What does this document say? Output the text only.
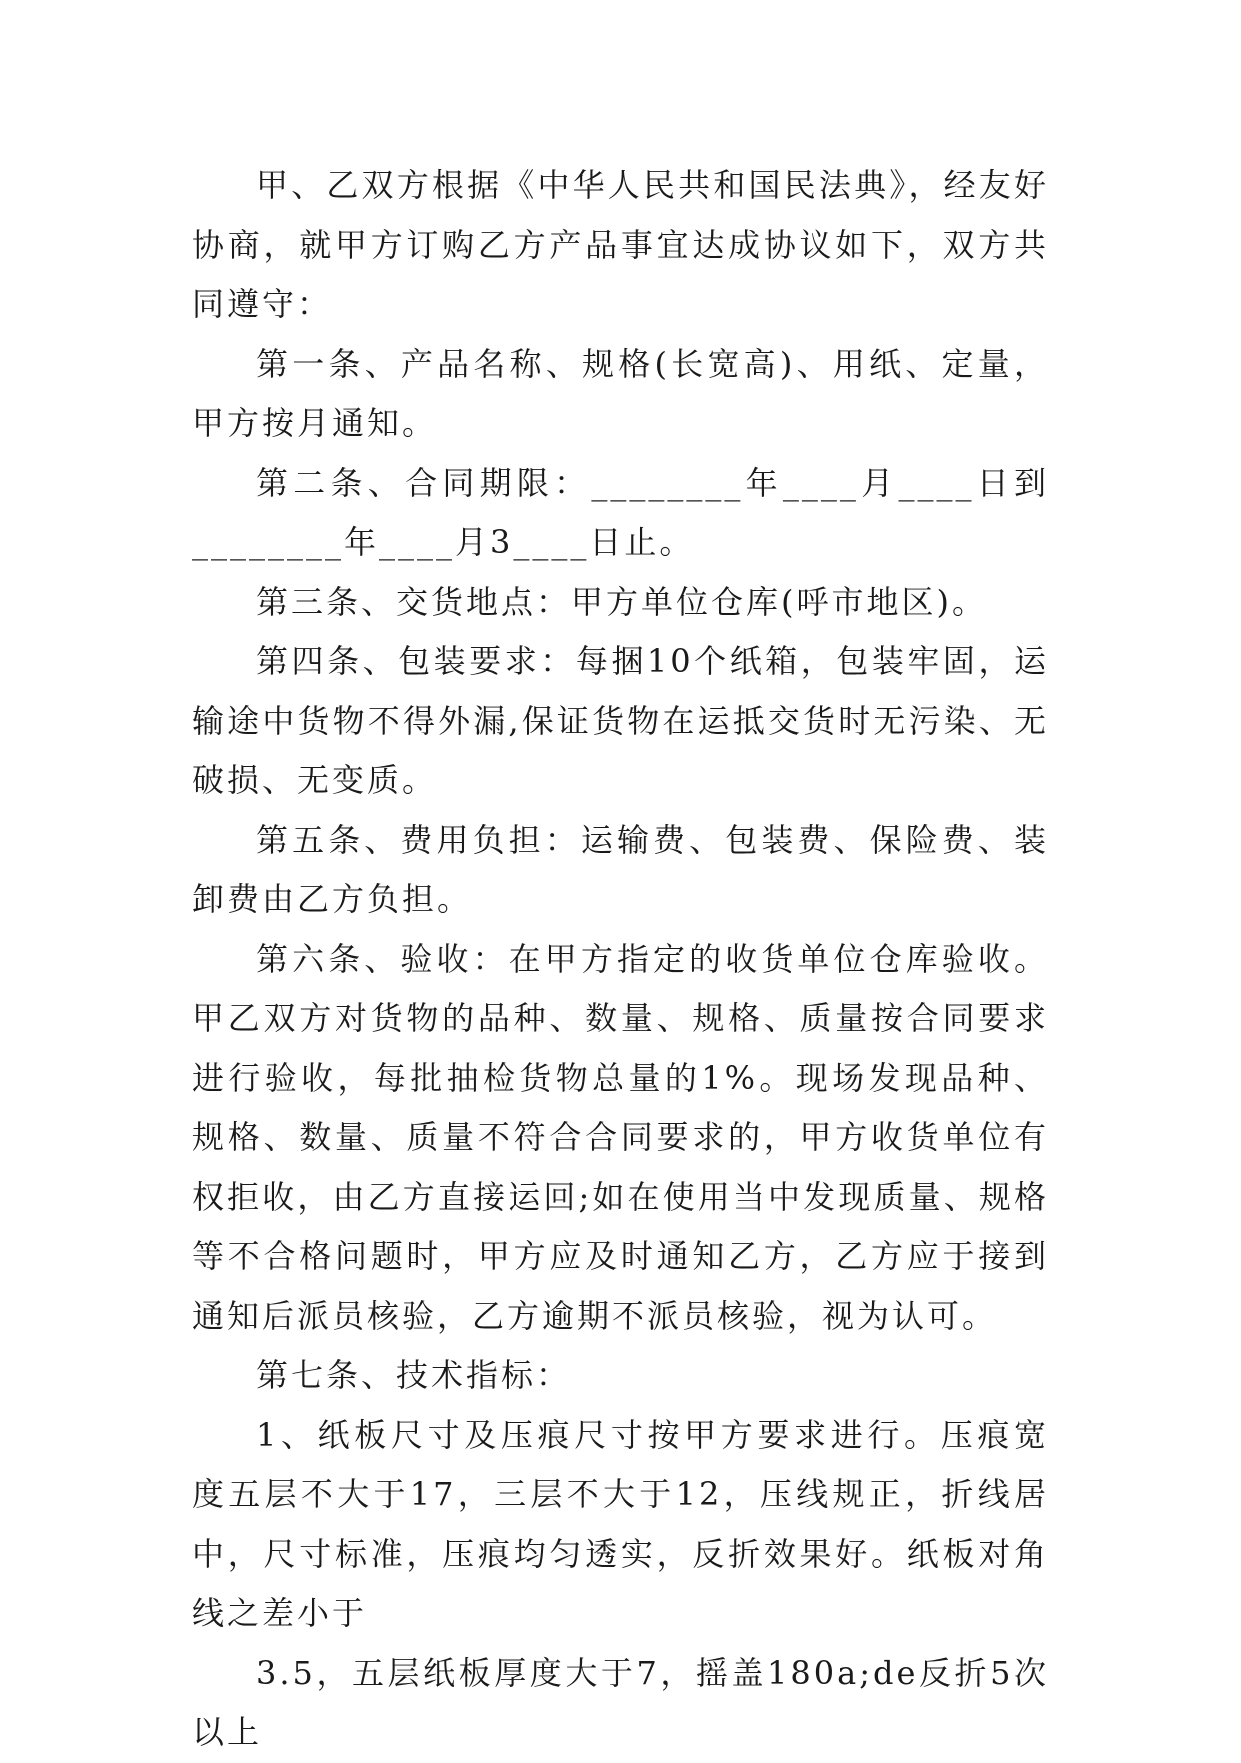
甲、乙双方根据《中华人民共和国民法典》，经友好协商，就甲方订购乙方产品事宜达成协议如下，双方共同遵守：

第一条、产品名称、规格(长宽高)、用纸、定量，甲方按月通知。

第二条、合同期限：________年____月____日到________年____月3____日止。

第三条、交货地点：甲方单位仓库(呼市地区)。

第四条、包装要求：每捆10个纸箱，包装牢固，运输途中货物不得外漏,保证货物在运抵交货时无污染、无破损、无变质。

第五条、费用负担：运输费、包装费、保险费、装卸费由乙方负担。

第六条、验收：在甲方指定的收货单位仓库验收。甲乙双方对货物的品种、数量、规格、质量按合同要求进行验收，每批抽检货物总量的1%。现场发现品种、规格、数量、质量不符合合同要求的，甲方收货单位有权拒收，由乙方直接运回;如在使用当中发现质量、规格等不合格问题时，甲方应及时通知乙方，乙方应于接到通知后派员核验，乙方逾期不派员核验，视为认可。

第七条、技术指标：

1、纸板尺寸及压痕尺寸按甲方要求进行。压痕宽度五层不大于17，三层不大于12，压线规正，折线居中，尺寸标准，压痕均匀透实，反折效果好。纸板对角线之差小于

3.5，五层纸板厚度大于7，摇盖180a;de反折5次以上
